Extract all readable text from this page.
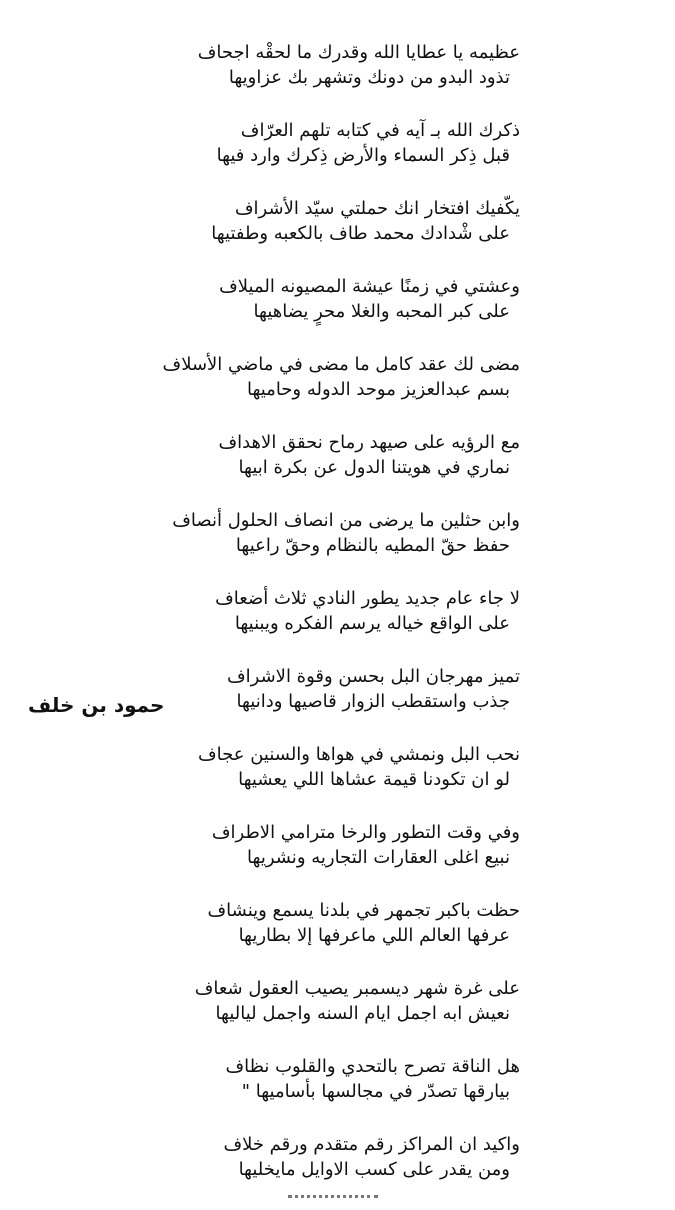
عظيمه يا عطايا الله وقدرك ما لحقْه اجحاف
تذود البدو من دونك وتشهر بك عزاويها
ذكرك الله بـ آيه في كتابه تلهم العرّاف
قبل ذِكر السماء والأرض ذِكرك وارد فيها
يكّفيك افتخار انك حملتي سيّد الأشراف
على شْدادك محمد طاف بالكعبه وطفتيها
وعشتي في زمنًا عيشة المصيونه الميلاف
على كبر المحبه والغلا محرٍ يضاهيها
مضى لك عقد كامل ما مضى في ماضي الأسلاف
بسم عبدالعزيز موحد الدوله وحاميها
مع الرؤيه على صيهد رماح نحقق الاهداف
نماري في هويتنا الدول عن بكرة ابيها
وابن حثلين ما يرضى من انصاف الحلول أنصاف
حفظ حقّ المطيه بالنظام وحقّ راعيها
لا جاء عام جديد يطور النادي ثلاث أضعاف
على الواقع خياله يرسم الفكره ويبنيها
تميز مهرجان البل بحسن وقوة الاشراف
جذب واستقطب الزوار قاصيها ودانيها
نحب البل ونمشي في هواها والسنين عجاف
لو ان تكودنا قيمة عشاها اللي يعشيها
وفي وقت التطور والرخا مترامي الاطراف
نبيع اغلى العقارات التجاريه ونشريها
حظت باكبر تجمهر في بلدنا يسمع وينشاف
عرفها العالم اللي ماعرفها إلا بطاريها
على غرة شهر ديسمبر يصيب العقول شعاف
نعيش ابه اجمل ايام السنه واجمل لياليها
هل الناقة تصرح بالتحدي والقلوب نظاف
بيارقها تصدّر في مجالسها بأساميها "
واكيد ان المراكز رقم متقدم ورقم خلاف
ومن يقدر على كسب الاوايل مايخليها
حمود بن خلف
